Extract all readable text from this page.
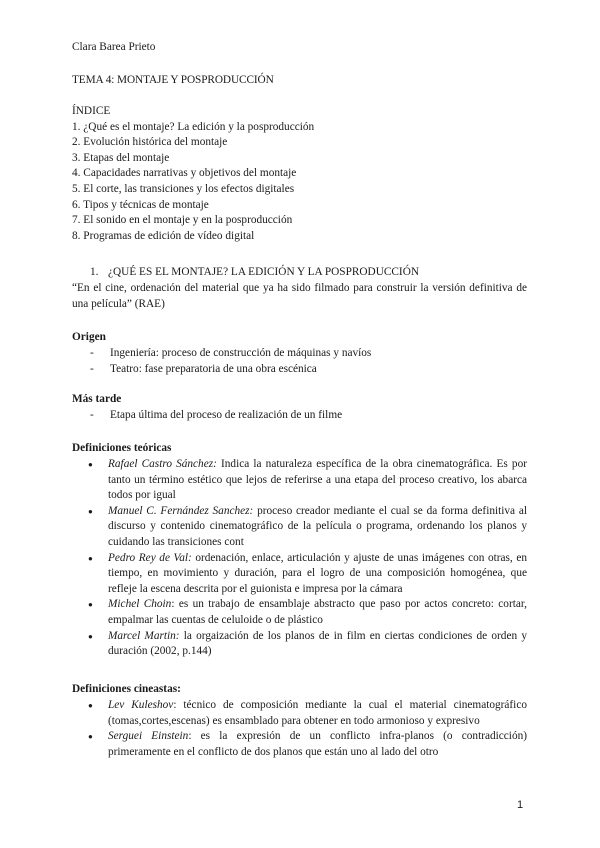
Clara Barea Prieto
TEMA 4: MONTAJE Y POSPRODUCCIÓN
ÍNDICE
1. ¿Qué es el montaje? La edición y la posproducción
2. Evolución histórica del montaje
3. Etapas del montaje
4. Capacidades narrativas y objetivos del montaje
5. El corte, las transiciones y los efectos digitales
6. Tipos y técnicas de montaje
7. El sonido en el montaje y en la posproducción
8. Programas de edición de vídeo digital
1. ¿QUÉ ES EL MONTAJE? LA EDICIÓN Y LA POSPRODUCCIÓN
“En el cine, ordenación del material que ya ha sido filmado para construir la versión definitiva de una película” (RAE)
Origen
- Ingeniería: proceso de construcción de máquinas y navíos
- Teatro: fase preparatoria de una obra escénica
Más tarde
- Etapa última del proceso de realización de un filme
Definiciones teóricas
● Rafael Castro Sánchez: Indica la naturaleza específica de la obra cinematográfica. Es por tanto un término estético que lejos de referirse a una etapa del proceso creativo, los abarca todos por igual
● Manuel C. Fernández Sanchez: proceso creador mediante el cual se da forma definitiva al discurso y contenido cinematográfico de la película o programa, ordenando los planos y cuidando las transiciones cont
● Pedro Rey de Val: ordenación, enlace, articulación y ajuste de unas imágenes con otras, en tiempo, en movimiento y duración, para el logro de una composición homogénea, que refleje la escena descrita por el guionista e impresa por la cámara
● Michel Choin: es un trabajo de ensamblaje abstracto que paso por actos concreto: cortar, empalmar las cuentas de celuloide o de plástico
● Marcel Martin: la orgaización de los planos de in film en ciertas condiciones de orden y duración (2002, p.144)
Definiciones cineastas:
● Lev Kuleshov: técnico de composición mediante la cual el material cinematográfico (tomas,cortes,escenas) es ensamblado para obtener en todo armonioso y expresivo
● Serguei Einstein: es la expresión de un conflicto infra-planos (o contradicción) primeramente en el conflicto de dos planos que están uno al lado del otro
1
